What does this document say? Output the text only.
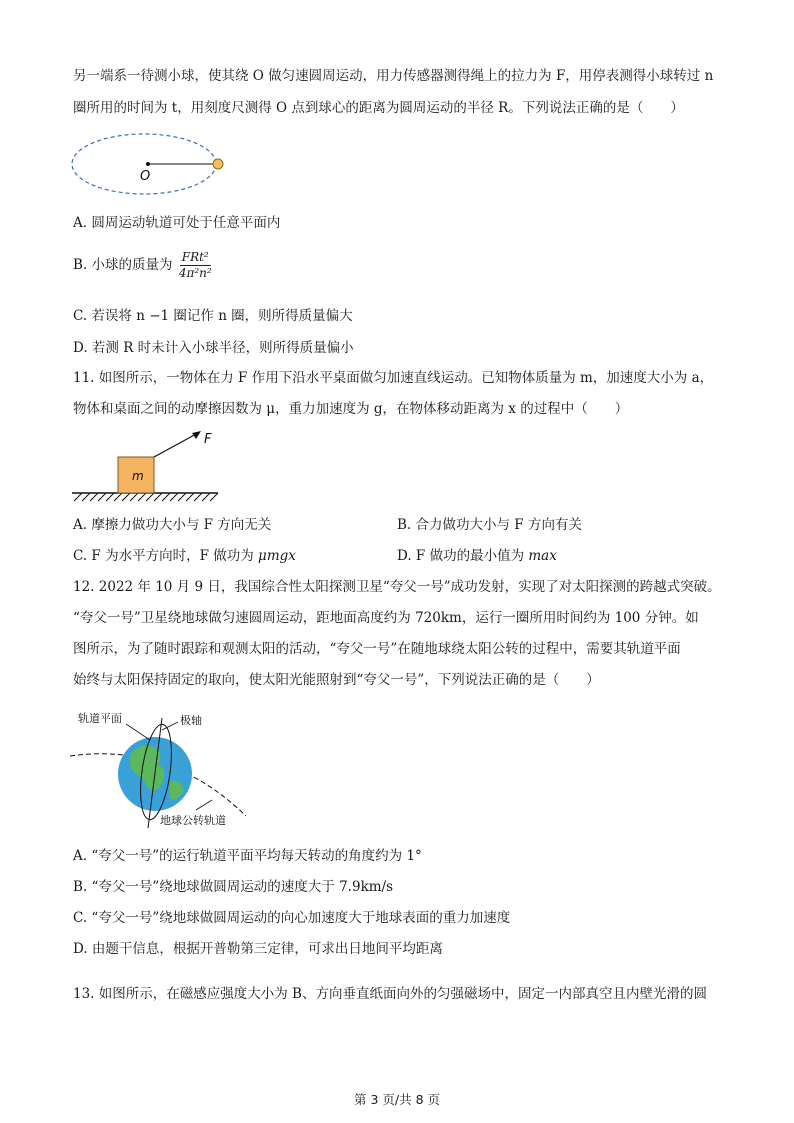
另一端系一待测小球，使其绕 O 做匀速圆周运动，用力传感器测得绳上的拉力为 F，用停表测得小球转过 n
圈所用的时间为 t，用刻度尺测得 O 点到球心的距离为圆周运动的半径 R。下列说法正确的是（　　）
O
A. 圆周运动轨道可处于任意平面内
B. 小球的质量为 $\frac{\text{FRt²}}{\text{4π²n²}}$
C. 若误将 n −1 圈记作 n 圈，则所得质量偏大
D. 若测 R 时未计入小球半径，则所得质量偏小
11. 如图所示，一物体在力 F 作用下沿水平桌面做匀加速直线运动。已知物体质量为 m，加速度大小为 a，
物体和桌面之间的动摩擦因数为 μ，重力加速度为 g，在物体移动距离为 x 的过程中（　　）
m
F
A. 摩擦力做功大小与 F 方向无关	B. 合力做功大小与 F 方向有关
C. F 为水平方向时，F 做功为 μmgx	D. F 做功的最小值为 max
12. 2022 年 10 月 9 日，我国综合性太阳探测卫星“夸父一号”成功发射，实现了对太阳探测的跨越式突破。
“夸父一号”卫星绕地球做匀速圆周运动，距地面高度约为 720km，运行一圈所用时间约为 100 分钟。如
图所示，为了随时跟踪和观测太阳的活动，“夸父一号”在随地球绕太阳公转的过程中，需要其轨道平面
始终与太阳保持固定的取向，使太阳光能照射到“夸父一号”，下列说法正确的是（　　）
轨道平面	极轴
地球公转轨道
A. “夸父一号”的运行轨道平面平均每天转动的角度约为 1°
B. “夸父一号”绕地球做圆周运动的速度大于 7.9km/s
C. “夸父一号”绕地球做圆周运动的向心加速度大于地球表面的重力加速度
D. 由题干信息，根据开普勒第三定律，可求出日地间平均距离
13. 如图所示，在磁感应强度大小为 B、方向垂直纸面向外的匀强磁场中，固定一内部真空且内壁光滑的圆
第 3 页/共 8 页
